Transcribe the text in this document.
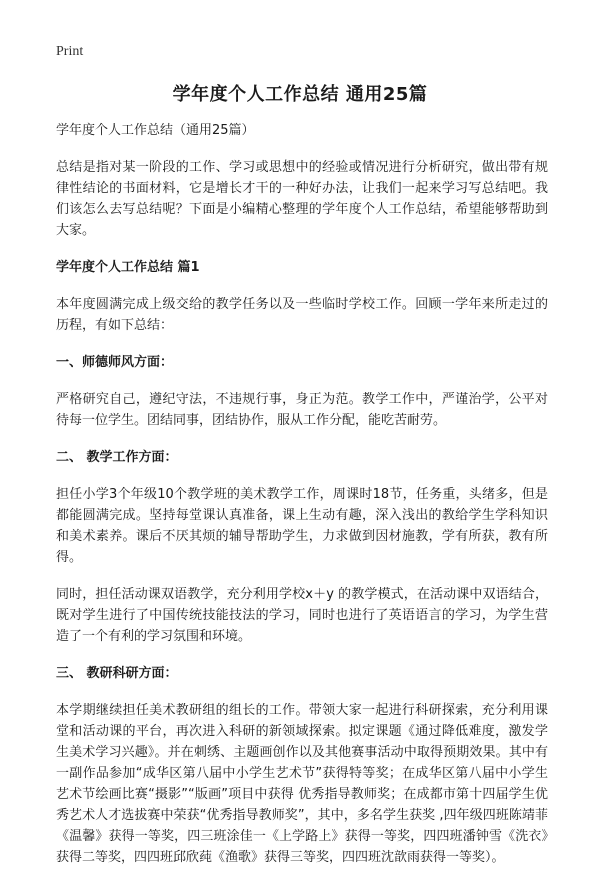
Print
学年度个人工作总结 通用25篇

学年度个人工作总结（通用25篇）

总结是指对某一阶段的工作、学习或思想中的经验或情况进行分析研究，做出带有规律性结论的书面材料，它是增长才干的一种好办法，让我们一起来学习写总结吧。我们该怎么去写总结呢？下面是小编精心整理的学年度个人工作总结，希望能够帮助到大家。

学年度个人工作总结 篇1

本年度圆满完成上级交给的教学任务以及一些临时学校工作。回顾一学年来所走过的历程，有如下总结：

一、师德师风方面：

严格研究自己，遵纪守法，不违规行事，身正为范。教学工作中，严谨治学，公平对待每一位学生。团结同事，团结协作，服从工作分配，能吃苦耐劳。

二、 教学工作方面：

担任小学3个年级10个教学班的美术教学工作，周课时18节，任务重，头绪多，但是都能圆满完成。坚持每堂课认真准备，课上生动有趣，深入浅出的教给学生学科知识和美术素养。课后不厌其烦的辅导帮助学生，力求做到因材施教，学有所获，教有所得。

同时，担任活动课双语教学，充分利用学校x＋y 的教学模式，在活动课中双语结合，既对学生进行了中国传统技能技法的学习，同时也进行了英语语言的学习，为学生营造了一个有利的学习氛围和环境。

三、 教研科研方面：

本学期继续担任美术教研组的组长的工作。带领大家一起进行科研探索，充分利用课堂和活动课的平台，再次进入科研的新领域探索。拟定课题《通过降低难度，激发学生美术学习兴趣》。并在刺绣、主题画创作以及其他赛事活动中取得预期效果。其中有一副作品参加“成华区第八届中小学生艺术节”获得特等奖；在成华区第八届中小学生艺术节绘画比赛“摄影”“版画”项目中获得 优秀指导教师奖；在成都市第十四届学生优秀艺术人才选拔赛中荣获“优秀指导教师奖”，其中，多名学生获奖 ,四年级四班陈靖菲《温馨》获得一等奖，四三班涂佳一《上学路上》获得一等奖，四四班潘钟雪《洗衣》获得二等奖，四四班邱欣莼《渔歌》获得三等奖，四四班沈歆雨获得一等奖）。
